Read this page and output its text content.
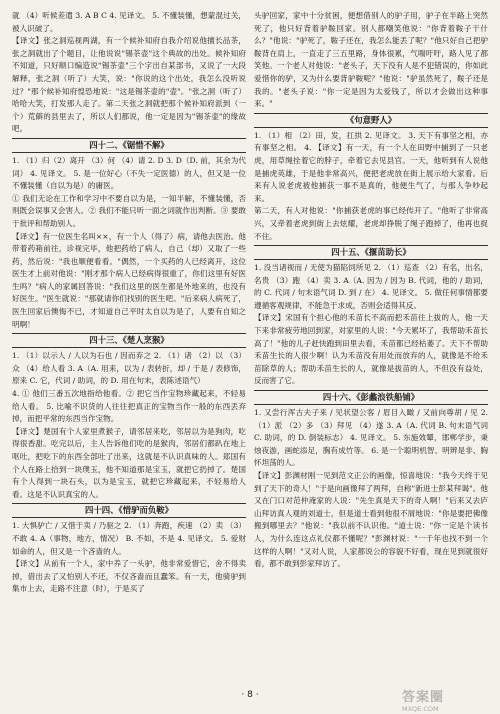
就 （4）听候差遣 3. A B C 4. 见译文。 5. 不懂装懂，想蒙混过关，被人识破了。

【译文】张之洞巡视两湖，有一个候补知府自我介绍说他擅长品茶，张之洞就出了个题目，让他说说"锡茶壶"这个典故的出处。候补知府不知道，只好顺口编造说"锡茶壶"三个字出自某部书，又说了一大段解释，张之洞（听了）大笑，说："你说的这个出处，我怎么没听说过？"那个候补知府惶恐地说："这是锡茶壶的"壶"。"张之洞（听了）哈哈大笑，打发那人走了。第二天张之洞就把那个候补知府派到（一个）荒僻的县里去了，所以人们都说，他一定是因为"锡茶壶"的缘故吧。

四十二、《锯惜不解》

1. （1）归（2）离开 （3）何 （4）请 2. D 3. D（D. 前，其余为代词） 4. 见译文。 5. 是一位好心（不失一定医德）的人，但又是一位不懂装懂（自以为是）的庸医。

① 我们无论在工作和学习中不要自以为是，一知半解，不懂装懂，否则既会误事又会害人。② 我们不能只听一面之词就作出判断。③ 要敢于批评和帮助别人。

【译文】有一位医生名叫××，有一个人（得了）病，请他去医治。他带着药箱前往，诊视完毕，他把药给了病人，自己（却）又取了一些药，然后说："我也顺便看看。"偶然，一个买药的人已经离开，这位医生才上前对他说："刚才那个病人已经病得很重了，你们这里有好医生吗？"病人的家属回答说："我们这里的医生都是外地来的，也没有好医生。"医生就说："那就请你们找别的医生吧。"后来病人病死了，医生回家后懊悔不已，才知道自己平时太自以为是了，人要有自知之明啊！

四十三、《楚人烹猴》

1. （1）以示人 / 人以为石也 / 因而弃之 2. （1）诸 （2）以 （3）众 （4）给人看 3. A（A. 用来，以为 / 表转折，却 / 于是 / 表修饰，原来 C. 它，代词 / 助词，的 D. 用在句末，表陈述语气）

4. ① 他们三番五次地指给他看。② 把它当作宝物珍藏起来，不轻易给人看。 5. 比喻不识货的人往往把真正的宝物当作一般的东西丢弃掉，而把平常的东西当作宝物。

【译文】楚国有个人家里煮猴子，请邻居来吃，邻居以为是狗肉，吃得很香甜。吃完以后，主人告诉他们吃的是猴肉，邻居们都趴在地上呕吐，把吃下的东西全部吐了出来，这就是不认识真味的人。郑国有个人在路上拾到一块璞玉，他不知道那是宝玉，就把它扔掉了。楚国有个人得到一块石头，以为是宝玉，就把它珍藏起来，不轻易给人看。这是不认识真宝的人。

四十四、《惜驴而负鞍》

1. 大惧驴亡 / 又惜于卖 / 乃驱之 2. （1）奔跑，疾速 （2）卖 （3）不敢 4. A（事物，地方，情况） B. 不如，不是 4. 见译文。 5. 爱财如命的人，但又是一个吝啬的人。

【译文】从前有一个人，家中养了一头驴，他非常爱惜它，舍不得卖掉，借出去了又怕别人不还，不仅吝啬而且蠢笨。有一天，他骑驴到集市上去，走路不注意（时），于是买了

头驴回家，家中十分贫困，便想借别人的驴子用，驴子在半路上突然死了，他只好背着驴鞍回家。别人都嘲笑他说："你背着鞍子干什么？"他说："驴死了，鞍子还在，我怎么能丢了呢？"他只好自己把驴鞍背在肩上，一直走了三五里路，身体很累，气喘吁吁，路人见了都笑他。一个老人对他说："老头子，天下没有人是不犯错误的，你如此爱惜你的驴，又为什么要背驴鞍呢？"他说："驴虽然死了，鞍子还是我的。"老头子说："你一定是因为太爱钱了，所以才会做出这种事来。"

《句意野人》

1. （1）相 （2）田，发，扛拱 2. 见译文。 3. 天下有事坚之相，亦有事坚之相。 4. 【译文】有一天，有一个人在田野中捕到了一只老虎，用草绳拴着它的脖子，牵着它去见县官。一天，他听到有人说他是捕虎英雄，于是他非常高兴，便把老虎放在街上展示给大家看。后来有人说老虎被他捕获一事不是真的，他便生气了，与那人争吵起来。

第二天，有人对他说："你捕获老虎的事已经传开了。"他听了非常高兴，又牵着老虎到街上去炫耀，老虎却挣脱了绳子跑掉了，他再也捉不住。

四十五、《揠苗助长》

1. 没当诸视而 / 无使为猫陷饲所见 2. （1）巡查 （2）有名，出名，名贵 （3）跑 （4）卖 3. A（A. 因为 / 因为 B. 代词，他的 / 助词，的 C. 代词 / 句末语气词 D. 到 / 在） 4. 见译文。 5. 做任何事情都要遵循客观规律，不能急于求成，否则会适得其反。

【译文】宋国有个担心他的禾苗长不高而把禾苗往上拔的人，他一天下来非常疲劳地回到家，对家里的人说："今天累坏了，我帮助禾苗长高了！"他的儿子赶快跑到田里去看，禾苗都已经枯萎了。天下不帮助禾苗生长的人很少啊！认为禾苗没有用处而放弃的人，就像是不给禾苗除草的人；帮助禾苗生长的人，就像是拔苗的人，不但没有益处，反而害了它。

四十六、《彭蠡浪铁船铺》

1. 又尝行浑古夫子来 / 见状望公客 / 眉目入瞰 / 又前向尊胡 / 见 2. （1）派 （2）多 （3）拜见 （4）遂 3. A（A. 代词 B. 句末语气词 C. 助词，的 D. 倒装标志） 4. 见译文。 5. 东施效颦，邯郸学步，秉烛夜游，画蛇添足，胸有成竹等。 6. 是一个聪明机智、明辨是非、胸怀坦荡的人。

【译文】彭渊材刚一见到范文正公的画像，惊喜地说："我今天终于见到了天下的奇人！"于是向画像拜了两拜，自称"新进士彭某拜谒"。他又在门口对范仲淹家的人说："先生真是天下的奇人啊！"后来又去庐山拜访真人观的刘道士，但是道士看到他很不屑地说："你是要把佛像搬到哪里去？"他说："我以前不认识他。"道士说："你一定是个读书人，为什么连这点礼仪都不懂呢？"彭渊材说："一千年也找不到一个这样的人啊！"又对人说，人家都说公的容貌不好看，现在见到就很好看，都不敢到彭家拜访了。

· 8 ·	答案圈
MXQE.COM
